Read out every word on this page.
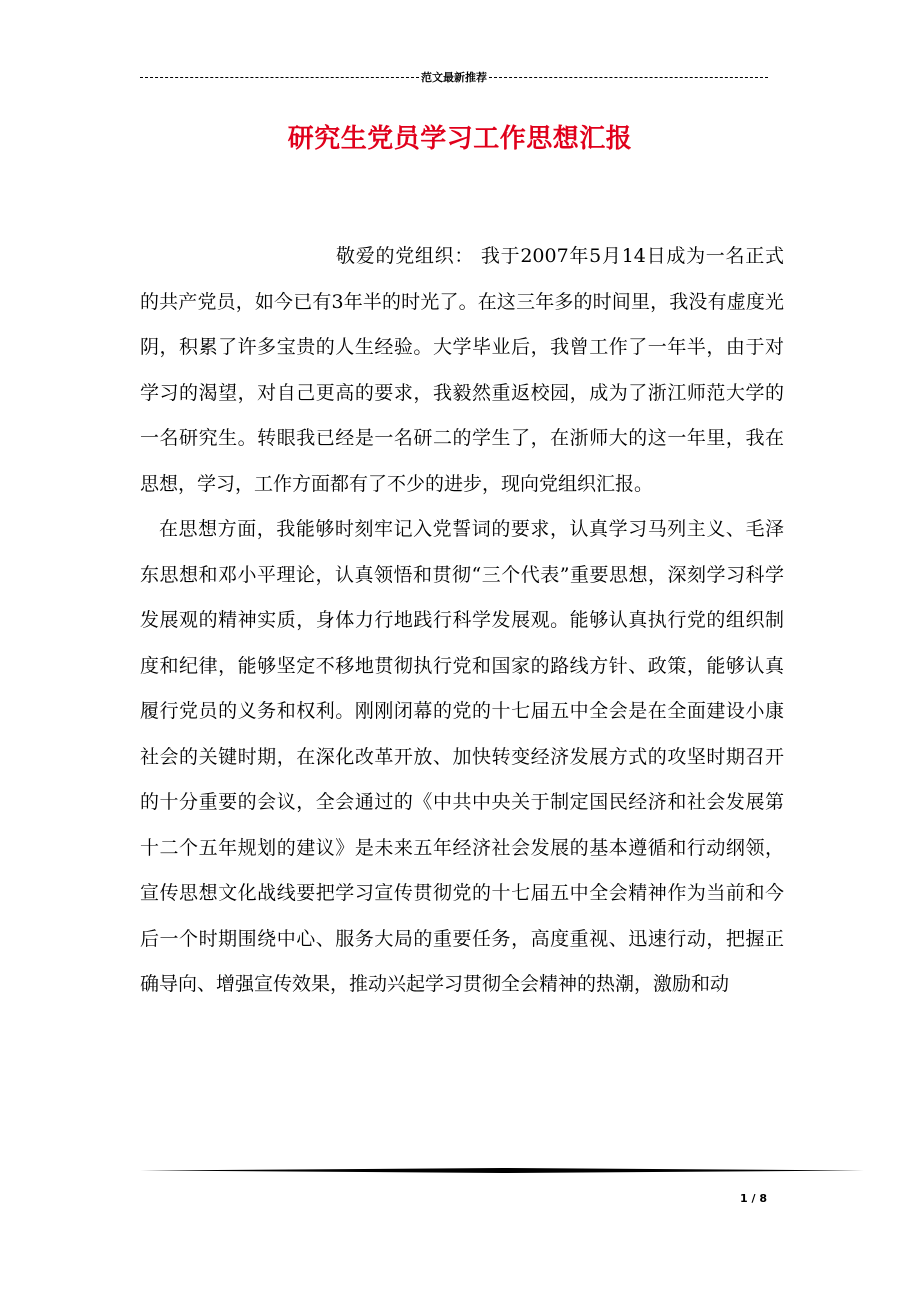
范文最新推荐
研究生党员学习工作思想汇报

敬爱的党组织： 我于2007年5月14日成为一名正式的共产党员，如今已有3年半的时光了。在这三年多的时间里，我没有虚度光阴，积累了许多宝贵的人生经验。大学毕业后，我曾工作了一年半，由于对学习的渴望，对自己更高的要求，我毅然重返校园，成为了浙江师范大学的一名研究生。转眼我已经是一名研二的学生了，在浙师大的这一年里，我在思想，学习，工作方面都有了不少的进步，现向党组织汇报。

在思想方面，我能够时刻牢记入党誓词的要求，认真学习马列主义、毛泽东思想和邓小平理论，认真领悟和贯彻“三个代表”重要思想，深刻学习科学发展观的精神实质，身体力行地践行科学发展观。能够认真执行党的组织制度和纪律，能够坚定不移地贯彻执行党和国家的路线方针、政策，能够认真履行党员的义务和权利。刚刚闭幕的党的十七届五中全会是在全面建设小康社会的关键时期，在深化改革开放、加快转变经济发展方式的攻坚时期召开的十分重要的会议，全会通过的《中共中央关于制定国民经济和社会发展第十二个五年规划的建议》是未来五年经济社会发展的基本遵循和行动纲领，宣传思想文化战线要把学习宣传贯彻党的十七届五中全会精神作为当前和今后一个时期围绕中心、服务大局的重要任务，高度重视、迅速行动，把握正确导向、增强宣传效果，推动兴起学习贯彻全会精神的热潮，激励和动

1 / 8
